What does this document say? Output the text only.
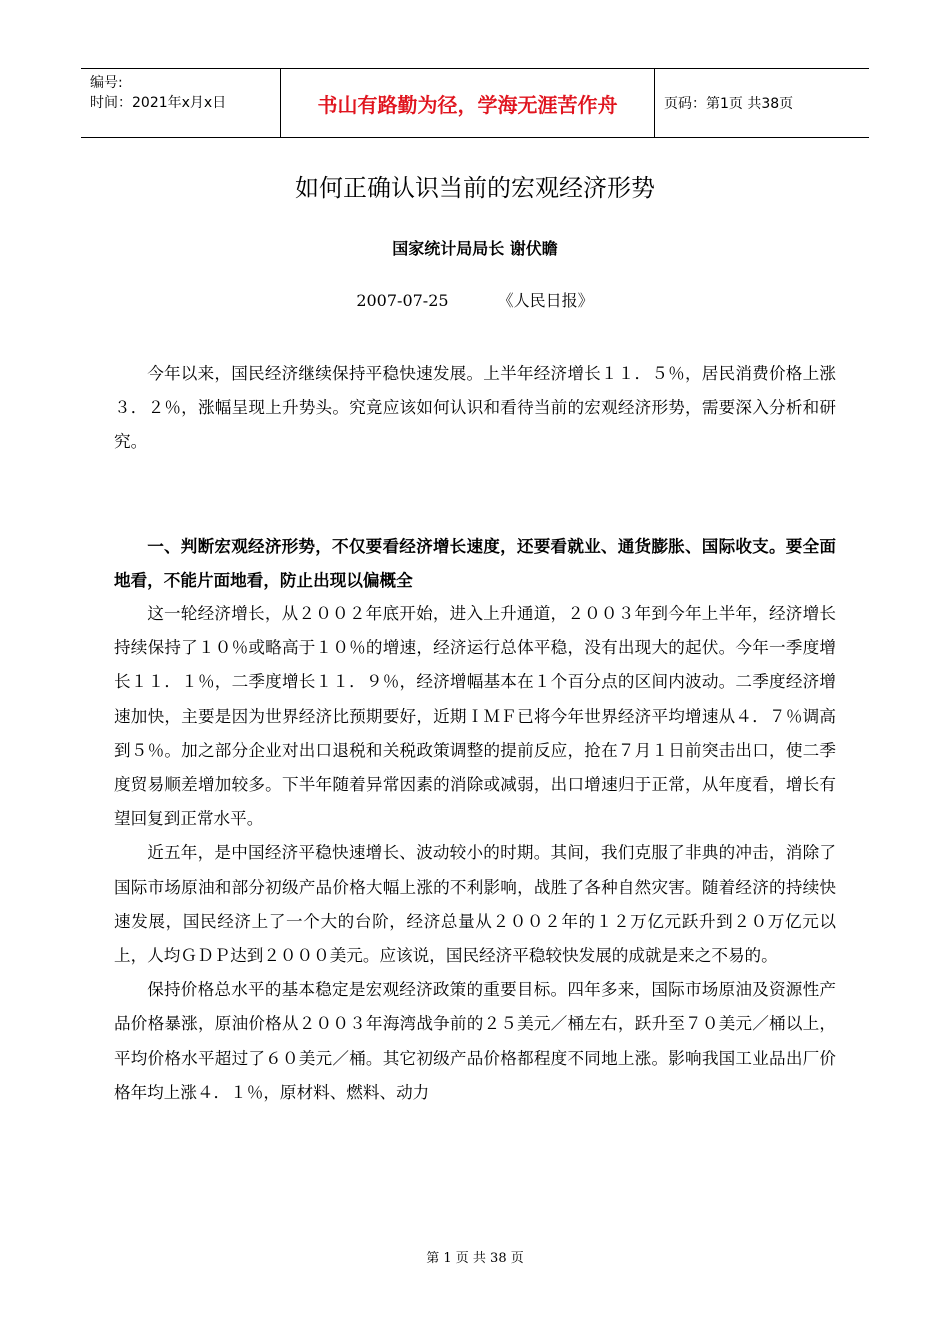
编号:
时间：2021年x月x日	书山有路勤为径，学海无涯苦作舟	页码：第1页 共38页
如何正确认识当前的宏观经济形势
国家统计局局长 谢伏瞻
2007-07-25	《人民日报》

今年以来，国民经济继续保持平稳快速发展。上半年经济增长１１．５％，居民消费价格上涨３．２％，涨幅呈现上升势头。究竟应该如何认识和看待当前的宏观经济形势，需要深入分析和研究。

一、判断宏观经济形势，不仅要看经济增长速度，还要看就业、通货膨胀、国际收支。要全面地看，不能片面地看，防止出现以偏概全

这一轮经济增长，从２００２年底开始，进入上升通道，２００３年到今年上半年，经济增长持续保持了１０％或略高于１０％的增速，经济运行总体平稳，没有出现大的起伏。今年一季度增长１１．１％，二季度增长１１．９％，经济增幅基本在１个百分点的区间内波动。二季度经济增速加快，主要是因为世界经济比预期要好，近期ＩＭＦ已将今年世界经济平均增速从４．７％调高到５％。加之部分企业对出口退税和关税政策调整的提前反应，抢在７月１日前突击出口，使二季度贸易顺差增加较多。下半年随着异常因素的消除或减弱，出口增速归于正常，从年度看，增长有望回复到正常水平。

近五年，是中国经济平稳快速增长、波动较小的时期。其间，我们克服了非典的冲击，消除了国际市场原油和部分初级产品价格大幅上涨的不利影响，战胜了各种自然灾害。随着经济的持续快速发展，国民经济上了一个大的台阶，经济总量从２００２年的１２万亿元跃升到２０万亿元以上，人均ＧＤＰ达到２０００美元。应该说，国民经济平稳较快发展的成就是来之不易的。

保持价格总水平的基本稳定是宏观经济政策的重要目标。四年多来，国际市场原油及资源性产品价格暴涨，原油价格从２００３年海湾战争前的２５美元／桶左右，跃升至７０美元／桶以上，平均价格水平超过了６０美元／桶。其它初级产品价格都程度不同地上涨。影响我国工业品出厂价格年均上涨４．１％，原材料、燃料、动力

第 1 页 共 38 页
